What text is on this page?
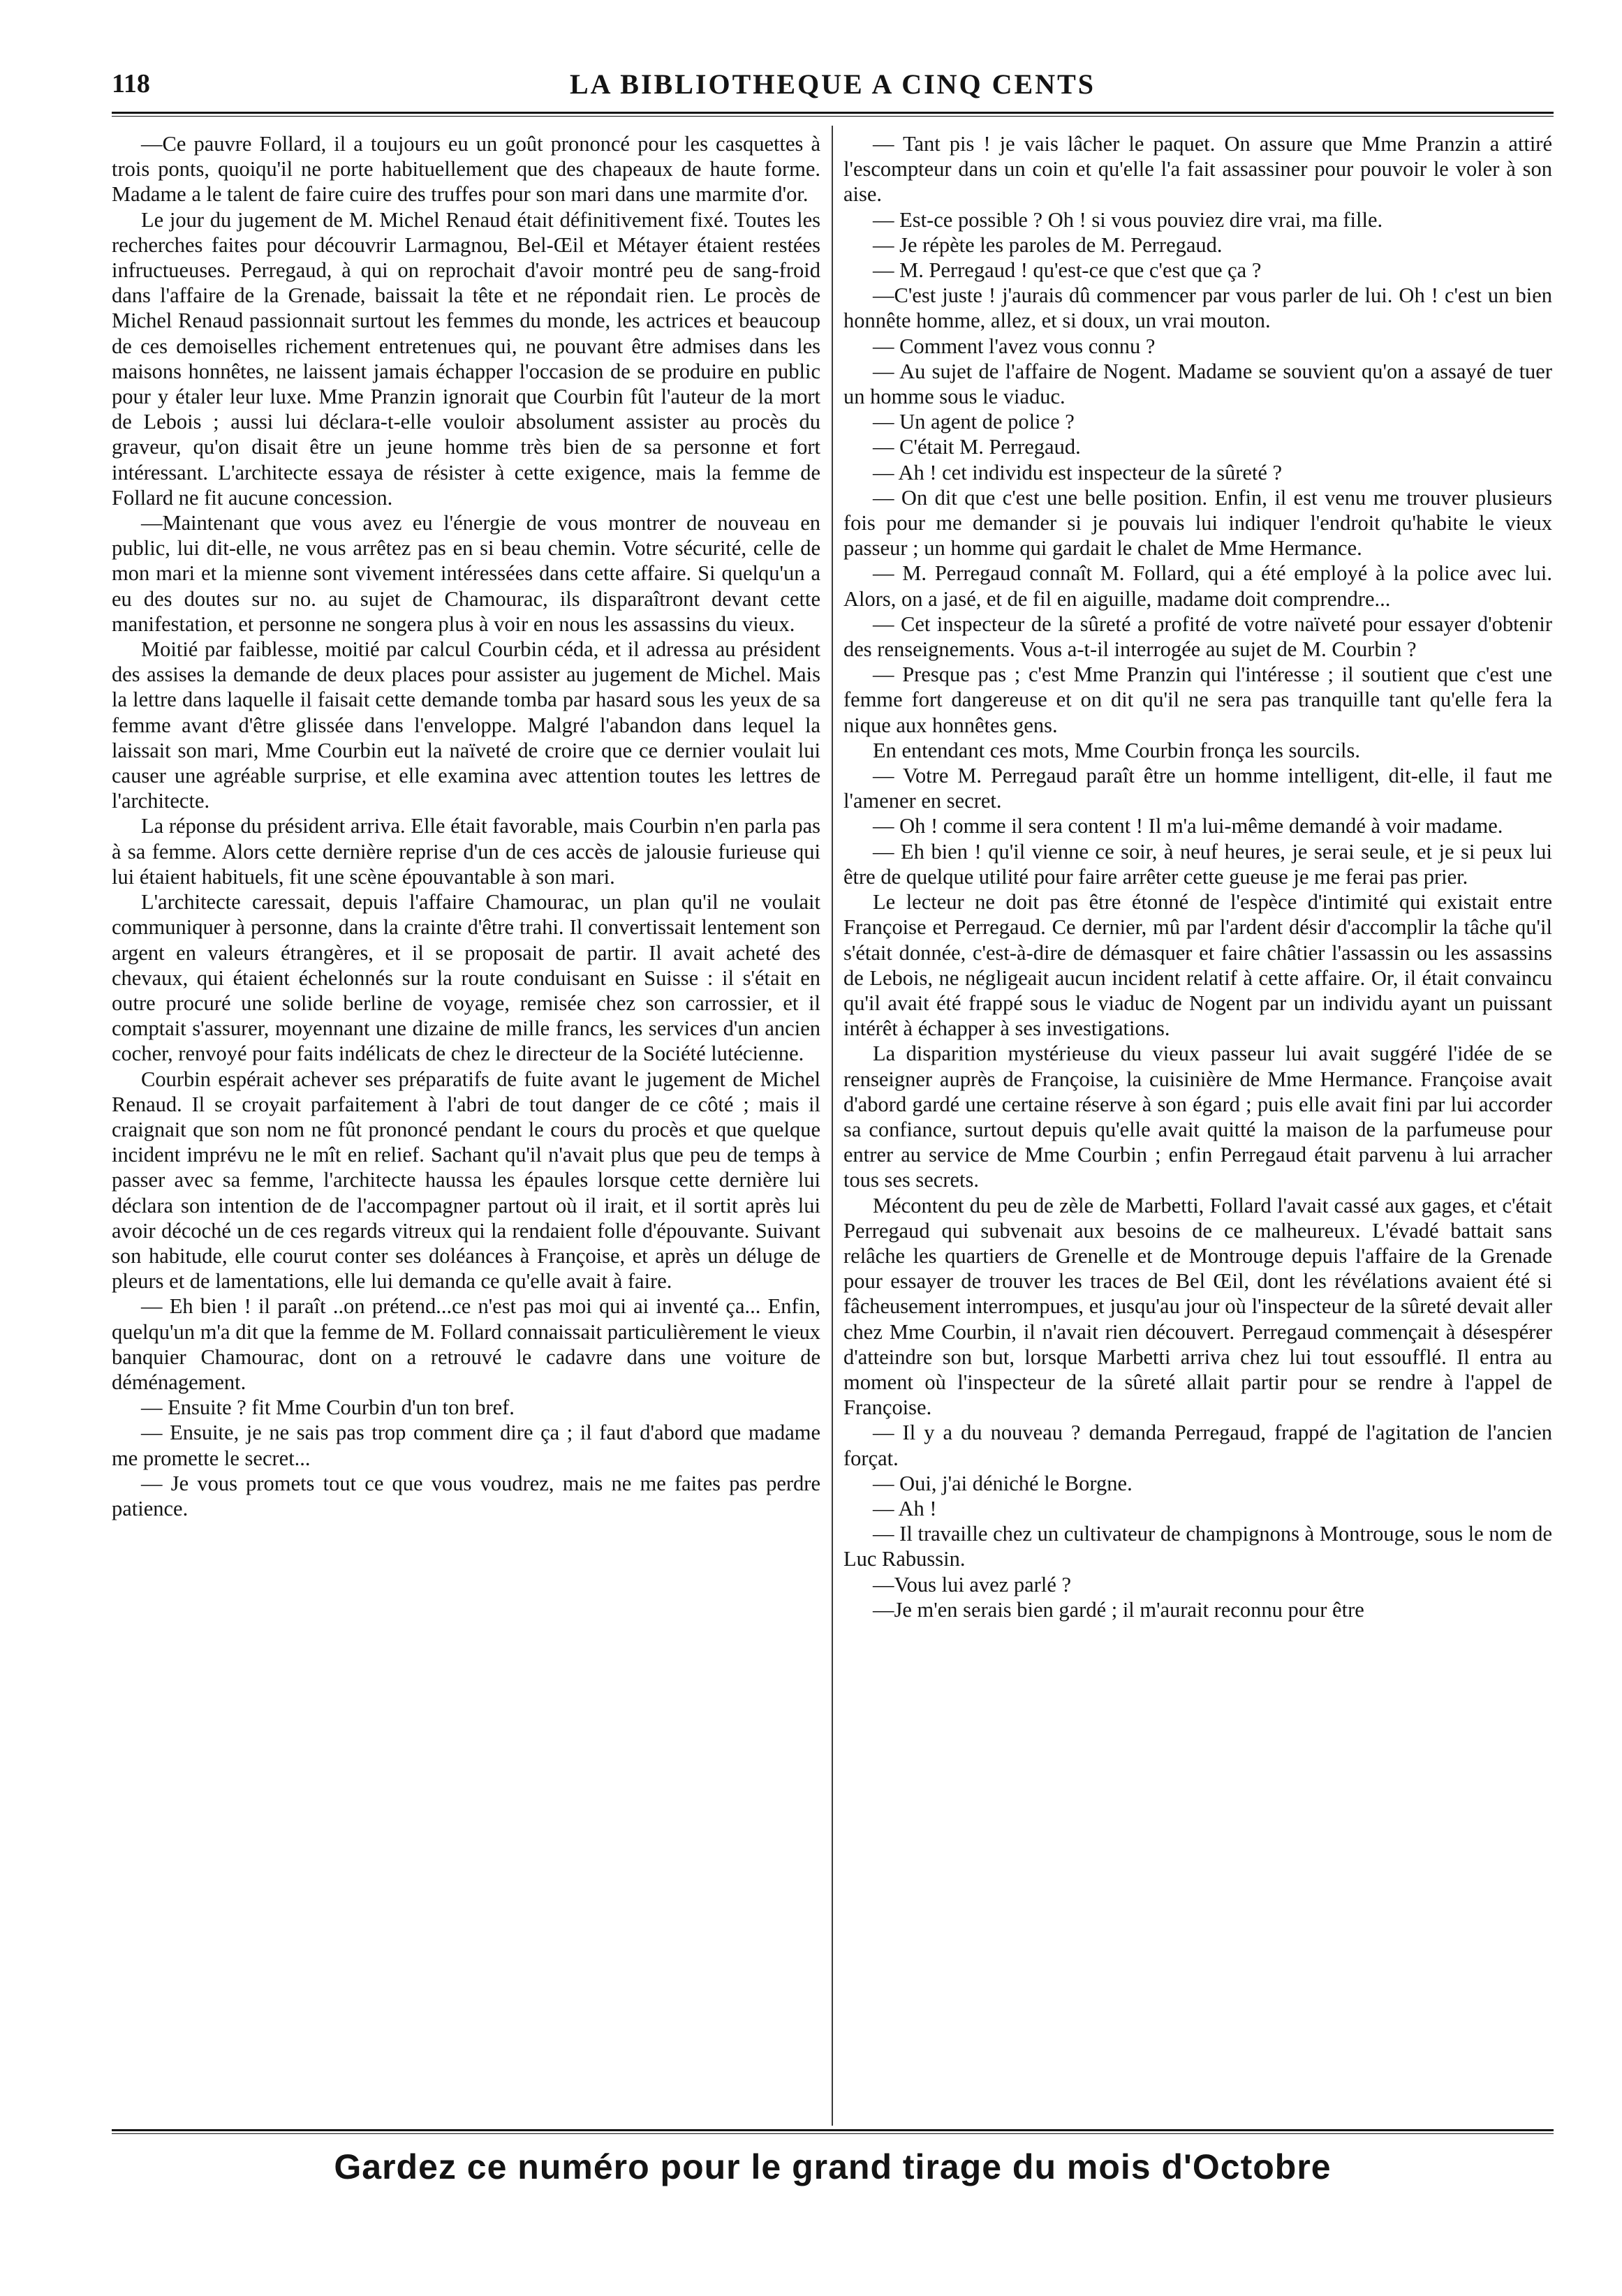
118	LA BIBLIOTHEQUE A CINQ CENTS

—Ce pauvre Follard, il a toujours eu un goût prononcé pour les casquettes à trois ponts, quoiqu'il ne porte habituellement que des chapeaux de haute forme. Madame a le talent de faire cuire des truffes pour son mari dans une marmite d'or.

Le jour du jugement de M. Michel Renaud était définitivement fixé. Toutes les recherches faites pour découvrir Larmagnou, Bel-Œil et Métayer étaient restées infructueuses. Perregaud, à qui on reprochait d'avoir montré peu de sang-froid dans l'affaire de la Grenade, baissait la tête et ne répondait rien. Le procès de Michel Renaud passionnait surtout les femmes du monde, les actrices et beaucoup de ces demoiselles richement entretenues qui, ne pouvant être admises dans les maisons honnêtes, ne laissent jamais échapper l'occasion de se produire en public pour y étaler leur luxe. Mme Pranzin ignorait que Courbin fût l'auteur de la mort de Lebois ; aussi lui déclara-t-elle vouloir absolument assister au procès du graveur, qu'on disait être un jeune homme très bien de sa personne et fort intéressant. L'architecte essaya de résister à cette exigence, mais la femme de Follard ne fit aucune concession.

—Maintenant que vous avez eu l'énergie de vous montrer de nouveau en public, lui dit-elle, ne vous arrêtez pas en si beau chemin. Votre sécurité, celle de mon mari et la mienne sont vivement intéressées dans cette affaire. Si quelqu'un a eu des doutes sur no. au sujet de Chamourac, ils disparaîtront devant cette manifestation, et personne ne songera plus à voir en nous les assassins du vieux.

Moitié par faiblesse, moitié par calcul Courbin céda, et il adressa au président des assises la demande de deux places pour assister au jugement de Michel. Mais la lettre dans laquelle il faisait cette demande tomba par hasard sous les yeux de sa femme avant d'être glissée dans l'enveloppe. Malgré l'abandon dans lequel la laissait son mari, Mme Courbin eut la naïveté de croire que ce dernier voulait lui causer une agréable surprise, et elle examina avec attention toutes les lettres de l'architecte.

La réponse du président arriva. Elle était favorable, mais Courbin n'en parla pas à sa femme. Alors cette dernière reprise d'un de ces accès de jalousie furieuse qui lui étaient habituels, fit une scène épouvantable à son mari.

L'architecte caressait, depuis l'affaire Chamourac, un plan qu'il ne voulait communiquer à personne, dans la crainte d'être trahi. Il convertissait lentement son argent en valeurs étrangères, et il se proposait de partir. Il avait acheté des chevaux, qui étaient échelonnés sur la route conduisant en Suisse : il s'était en outre procuré une solide berline de voyage, remisée chez son carrossier, et il comptait s'assurer, moyennant une dizaine de mille francs, les services d'un ancien cocher, renvoyé pour faits indélicats de chez le directeur de la Société lutécienne.

Courbin espérait achever ses préparatifs de fuite avant le jugement de Michel Renaud. Il se croyait parfaitement à l'abri de tout danger de ce côté ; mais il craignait que son nom ne fût prononcé pendant le cours du procès et que quelque incident imprévu ne le mît en relief. Sachant qu'il n'avait plus que peu de temps à passer avec sa femme, l'architecte haussa les épaules lorsque cette dernière lui déclara son intention de de l'accompagner partout où il irait, et il sortit après lui avoir décoché un de ces regards vitreux qui la rendaient folle d'épouvante. Suivant son habitude, elle courut conter ses doléances à Françoise, et après un déluge de pleurs et de lamentations, elle lui demanda ce qu'elle avait à faire.

— Eh bien ! il paraît ..on prétend...ce n'est pas moi qui ai inventé ça... Enfin, quelqu'un m'a dit que la femme de M. Follard connaissait particulièrement le vieux banquier Chamourac, dont on a retrouvé le cadavre dans une voiture de déménagement.

— Ensuite ? fit Mme Courbin d'un ton bref.

— Ensuite, je ne sais pas trop comment dire ça ; il faut d'abord que madame me promette le secret...

— Je vous promets tout ce que vous voudrez, mais ne me faites pas perdre patience.

— Tant pis ! je vais lâcher le paquet. On assure que Mme Pranzin a attiré l'escompteur dans un coin et qu'elle l'a fait assassiner pour pouvoir le voler à son aise.

— Est-ce possible ? Oh ! si vous pouviez dire vrai, ma fille.

— Je répète les paroles de M. Perregaud.

— M. Perregaud ! qu'est-ce que c'est que ça ?

—C'est juste ! j'aurais dû commencer par vous parler de lui. Oh ! c'est un bien honnête homme, allez, et si doux, un vrai mouton.

— Comment l'avez vous connu ?

— Au sujet de l'affaire de Nogent. Madame se souvient qu'on a assayé de tuer un homme sous le viaduc.

— Un agent de police ?

— C'était M. Perregaud.

— Ah ! cet individu est inspecteur de la sûreté ?

— On dit que c'est une belle position. Enfin, il est venu me trouver plusieurs fois pour me demander si je pouvais lui indiquer l'endroit qu'habite le vieux passeur ; un homme qui gardait le chalet de Mme Hermance.

— M. Perregaud connaît M. Follard, qui a été employé à la police avec lui. Alors, on a jasé, et de fil en aiguille, madame doit comprendre...

— Cet inspecteur de la sûreté a profité de votre naïveté pour essayer d'obtenir des renseignements. Vous a-t-il interrogée au sujet de M. Courbin ?

— Presque pas ; c'est Mme Pranzin qui l'intéresse ; il soutient que c'est une femme fort dangereuse et on dit qu'il ne sera pas tranquille tant qu'elle fera la nique aux honnêtes gens.

En entendant ces mots, Mme Courbin fronça les sourcils.

— Votre M. Perregaud paraît être un homme intelligent, dit-elle, il faut me l'amener en secret.

— Oh ! comme il sera content ! Il m'a lui-même demandé à voir madame.

— Eh bien ! qu'il vienne ce soir, à neuf heures, je serai seule, et je si peux lui être de quelque utilité pour faire arrêter cette gueuse je me ferai pas prier.

Le lecteur ne doit pas être étonné de l'espèce d'intimité qui existait entre Françoise et Perregaud. Ce dernier, mû par l'ardent désir d'accomplir la tâche qu'il s'était donnée, c'est-à-dire de démasquer et faire châtier l'assassin ou les assassins de Lebois, ne négligeait aucun incident relatif à cette affaire. Or, il était convaincu qu'il avait été frappé sous le viaduc de Nogent par un individu ayant un puissant intérêt à échapper à ses investigations.

La disparition mystérieuse du vieux passeur lui avait suggéré l'idée de se renseigner auprès de Françoise, la cuisinière de Mme Hermance. Françoise avait d'abord gardé une certaine réserve à son égard ; puis elle avait fini par lui accorder sa confiance, surtout depuis qu'elle avait quitté la maison de la parfumeuse pour entrer au service de Mme Courbin ; enfin Perregaud était parvenu à lui arracher tous ses secrets.

Mécontent du peu de zèle de Marbetti, Follard l'avait cassé aux gages, et c'était Perregaud qui subvenait aux besoins de ce malheureux. L'évadé battait sans relâche les quartiers de Grenelle et de Montrouge depuis l'affaire de la Grenade pour essayer de trouver les traces de Bel Œil, dont les révélations avaient été si fâcheusement interrompues, et jusqu'au jour où l'inspecteur de la sûreté devait aller chez Mme Courbin, il n'avait rien découvert. Perregaud commençait à désespérer d'atteindre son but, lorsque Marbetti arriva chez lui tout essoufflé. Il entra au moment où l'inspecteur de la sûreté allait partir pour se rendre à l'appel de Françoise.

— Il y a du nouveau ? demanda Perregaud, frappé de l'agitation de l'ancien forçat.

— Oui, j'ai déniché le Borgne.

— Ah !

— Il travaille chez un cultivateur de champignons à Montrouge, sous le nom de Luc Rabussin.

—Vous lui avez parlé ?

—Je m'en serais bien gardé ; il m'aurait reconnu pour être

Gardez ce numéro pour le grand tirage du mois d'Octobre
